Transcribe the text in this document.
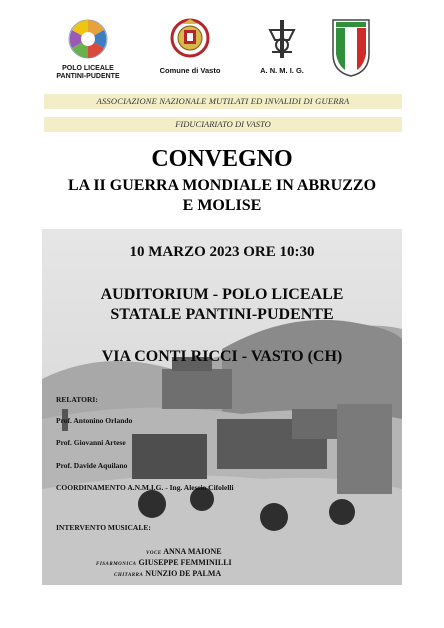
POLO LICEALE
PANTINI-PUDENTE
Comune di Vasto	A. N. M. I. G.
ASSOCIAZIONE NAZIONALE MUTILATI ED INVALIDI DI GUERRA
FIDUCIARIATO DI VASTO
CONVEGNO
LA II GUERRA MONDIALE IN ABRUZZO
E MOLISE
10 MARZO 2023 ORE 10:30
AUDITORIUM - POLO LICEALE
STATALE PANTINI-PUDENTE
VIA CONTI RICCI - VASTO (CH)
RELATORI:
Prof. Antonino Orlando
Prof. Giovanni Artese
Prof. Davide Aquilano
COORDINAMENTO A.N.M.I.G. - Ing. Alessio Cifolelli
INTERVENTO MUSICALE:
VOCE ANNA MAIONE
FISARMONICA GIUSEPPE FEMMINILLI
CHITARRA NUNZIO DE PALMA
